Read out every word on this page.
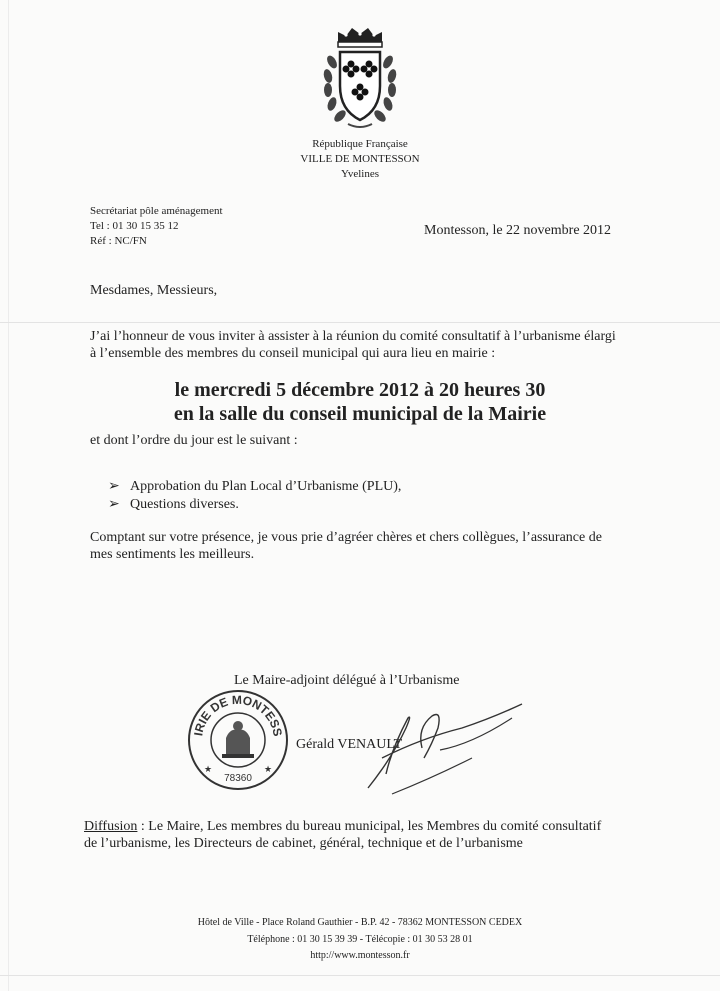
République Française
VILLE DE MONTESSON
Yvelines
Secrétariat pôle aménagement
Tel : 01 30 15 35 12
Réf : NC/FN
Montesson, le 22 novembre 2012
Mesdames, Messieurs,
J’ai l’honneur de vous inviter à assister à la réunion du comité consultatif à l’urbanisme élargi
à l’ensemble des membres du conseil municipal qui aura lieu en mairie :
le mercredi 5 décembre 2012 à 20 heures 30
en la salle du conseil municipal de la Mairie
et dont l’ordre du jour est le suivant :
➢ Approbation du Plan Local d’Urbanisme (PLU),
➢ Questions diverses.
Comptant sur votre présence, je vous prie d’agréer chères et chers collègues, l’assurance de
mes sentiments les meilleurs.
Le Maire-adjoint délégué à l’Urbanisme
IRIE DE MONTESS
78360
★	★
Gérald VENAULT
Diffusion : Le Maire, Les membres du bureau municipal, les Membres du comité consultatif
de l’urbanisme, les Directeurs de cabinet, général, technique et de l’urbanisme
Hôtel de Ville - Place Roland Gauthier - B.P. 42 - 78362 MONTESSON CEDEX
Téléphone : 01 30 15 39 39 - Télécopie : 01 30 53 28 01
http://www.montesson.fr
